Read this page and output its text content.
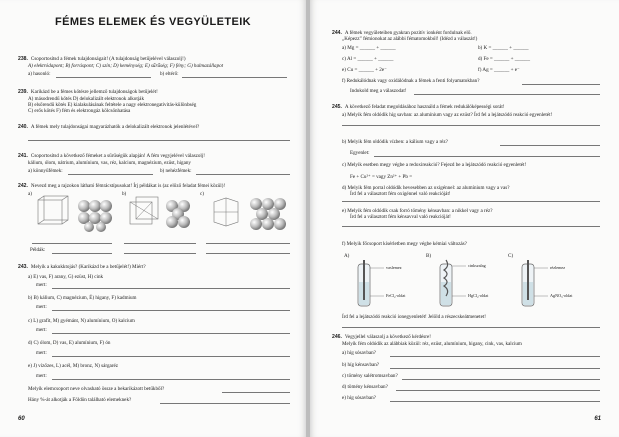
FÉMES ELEMEK ÉS VEGYÜLETEIK
238. Csoportosítsd a fémek tulajdonságait! (A tulajdonság betűjelével válaszolj!)
A) elektródapont; B) forráspont; C) szín; D) keménység; E) sűrűség; F) fény; G) halmazállapot
a) hasonló:	b) eltérő:
239. Karikázd be a fémes kötésre jellemző tulajdonságok betűjelét!
A) másodrendű kötés D) delokalizált elektronok alkotják
B) elsőrendű kötés E) kialakulásának feltétele a nagy elektronegativitás-különbség
C) erős kötés F) fém és elektrongáz kölcsönhatása
240. A fémek mely tulajdonságai magyarázhatók a delokalizált elektronok jelenlétével?
241. Csoportosítsd a következő fémeket a sűrűségük alapján! A fém vegyjelével válaszolj!
kálium, ólom, nátrium, alumínium, vas, réz, kalcium, magnézium, ezüst, higany
a) könnyűfémek:	b) nehézfémek:
242. Nevezd meg a rajzokon látható fémrácstípusokat! Írj példákat is (az előző feladat fémei közül)!
a)	b)	c)
Példák:
243. Melyik a kakukktojás? (Karikázd be a betűjelét!) Miért?
a) E) vas, F) arany, G) ezüst, H) cink
mert:
b) B) kálium, C) magnézium, É) higany, F) kadmium
mert:
c) L) grafit, M) gyémánt, N) alumínium, O) kalcium
mert:
d) C) ólom, D) vas, E) alumínium, F) ón
mert:
e) J) vízőzes, L) acél, M) bronz, N) sárgaréz
mert:
Melyik elemcsoport neve olvasható össze a bekarikázott betűkből?
Hány %-át alkotják a Földön található elemeknek?
60
244. A fémek vegyületeiben gyakran pozitív ionként fordulnak elő.
„Képezz” fémionokat az alábbi fématomokból! (Idézd a válaszát!)
a) Mg = ______ + ______	b) K = ______ + ______
c) Al = ______ + ______	d) Fe = ______ + ______
e) Cu = ______ + 2e⁻	f) Ag = ______ + e⁻
f) Redukálódnak vagy oxidálódnak a fémek a fenti folyamatokban?
Indokold meg a válaszodat!
245. A következő feladat megoldásához használd a fémek redukálóképességi sorát!
a) Melyik fém oldódik híg savban: az alumínium vagy az ezüst? Írd fel a lejátszódó reakció egyenletét!
b) Melyik fém oldódik vízben: a kálium vagy a réz?
Egyenlet:
c) Melyik esetben megy végbe a redoxireakció? Fejezd be a lejátszódó reakció egyenletét!
Fe + Cu²⁺ = vagy Zn²⁺ + Pb =
d) Melyik fém porral oldódik hevesebben az oxigénnel: az alumínium vagy a vas?
Írd fel a választott fém oxigénnel való reakcióját!
e) Melyik fém oldódik csak forró tömény kénsavban: a nikkel vagy a réz?
Írd fel a választott fém kénsavval való reakcióját!
f) Melyik főcsoport kísérletben megy végbe kémiai változás?
A)	B)	C)
vaslemez
FeCl₂-oldat
cinkszalag
HgCl₂-oldat
rézlemez
AgNO₃-oldat
Írd fel a lejátszódó reakció ionegyenletét! Jelöld a részecskeátmenetet!
246. Vegyjellel válaszolj a következő kérdésre!
Melyik fém oldódik az alábbiak közül: réz, ezüst, alumínium, higany, cink, vas, kalcium
a) híg sósavban?
b) híg kénsavban?
c) tömény salétromsavban?
d) tömény kénsavban?
e) híg sósavban?
61
